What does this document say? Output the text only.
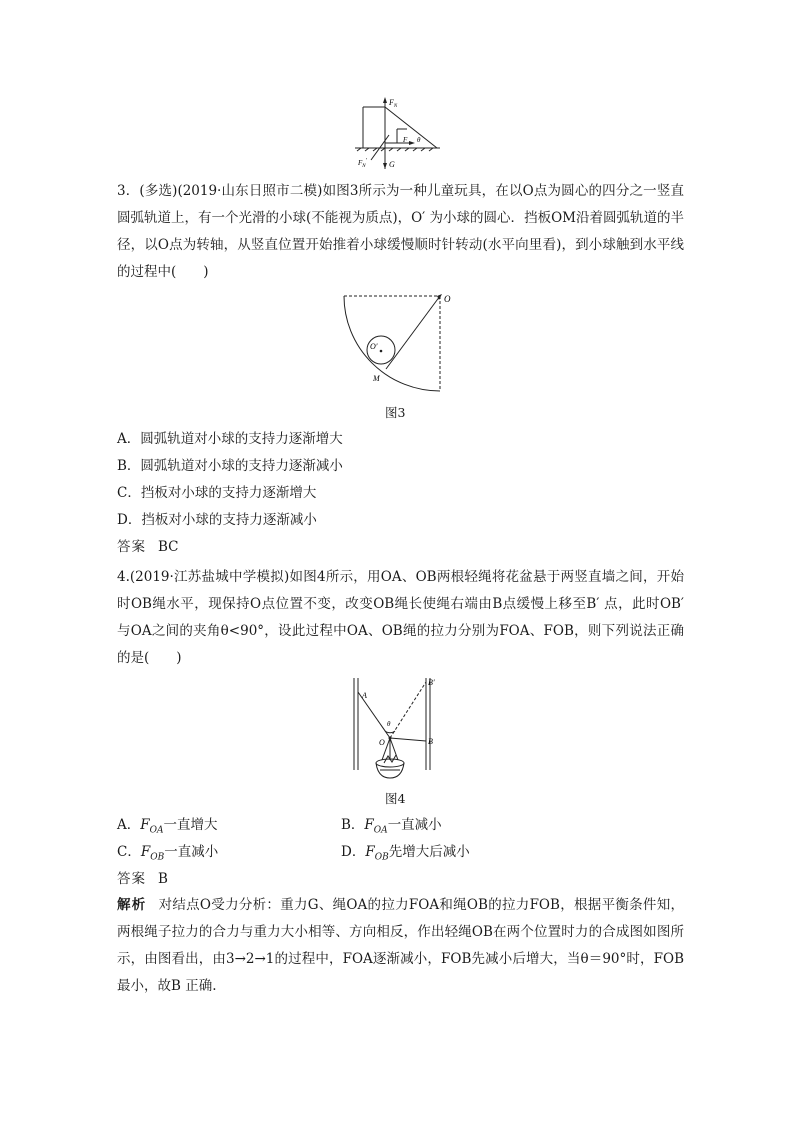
$F_N$
F θ
$F_N'$	G
3．(多选)(2019·山东日照市二模)如图3所示为一种儿童玩具，在以O点为圆心的四分之一竖直圆弧轨道上，有一个光滑的小球(不能视为质点)，O′ 为小球的圆心．挡板OM沿着圆弧轨道的半径，以O点为转轴，从竖直位置开始推着小球缓慢顺时针转动(水平向里看)，到小球触到水平线的过程中(　　)
O
O′
M
图3
A．圆弧轨道对小球的支持力逐渐增大
B．圆弧轨道对小球的支持力逐渐减小
C．挡板对小球的支持力逐渐增大
D．挡板对小球的支持力逐渐减小
答案 BC
4.(2019·江苏盐城中学模拟)如图4所示，用OA、OB两根轻绳将花盆悬于两竖直墙之间，开始时OB绳水平，现保持O点位置不变，改变OB绳长使绳右端由B点缓慢上移至B′ 点，此时OB′ 与OA之间的夹角θ<90°，设此过程中OA、OB绳的拉力分别为FOA、FOB，则下列说法正确的是(　　)
A
B′
B
O
θ
图4
A．$F_{OA}$一直增大	B．$F_{OA}$一直减小
C．$F_{OB}$一直减小	D．$F_{OB}$先增大后减小
答案 B
解析 对结点O受力分析：重力G、绳OA的拉力FOA和绳OB的拉力FOB，根据平衡条件知，两根绳子拉力的合力与重力大小相等、方向相反，作出轻绳OB在两个位置时力的合成图如图所示，由图看出，由3→2→1的过程中，FOA逐渐减小，FOB先减小后增大，当θ＝90°时，FOB最小，故B 正确.
